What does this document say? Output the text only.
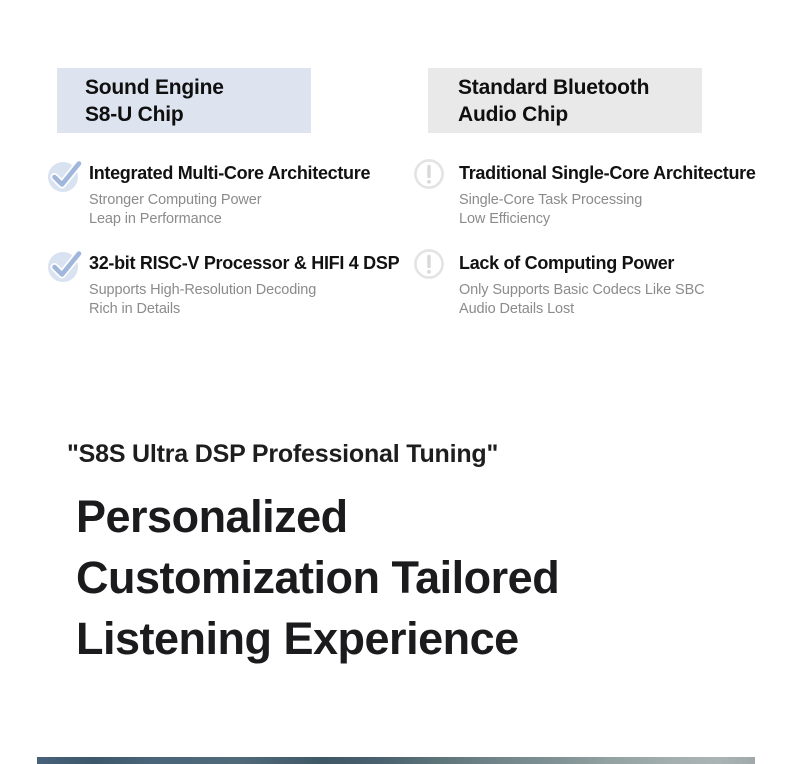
Sound Engine
S8-U Chip
Standard Bluetooth
Audio Chip
Integrated Multi-Core Architecture
Stronger Computing Power
Leap in Performance
32-bit RISC-V Processor & HIFI 4 DSP
Supports High-Resolution Decoding
Rich in Details
Traditional Single-Core Architecture
Single-Core Task Processing
Low Efficiency
Lack of Computing Power
Only Supports Basic Codecs Like SBC
Audio Details Lost
"S8S Ultra DSP Professional Tuning"
Personalized
Customization Tailored
Listening Experience
